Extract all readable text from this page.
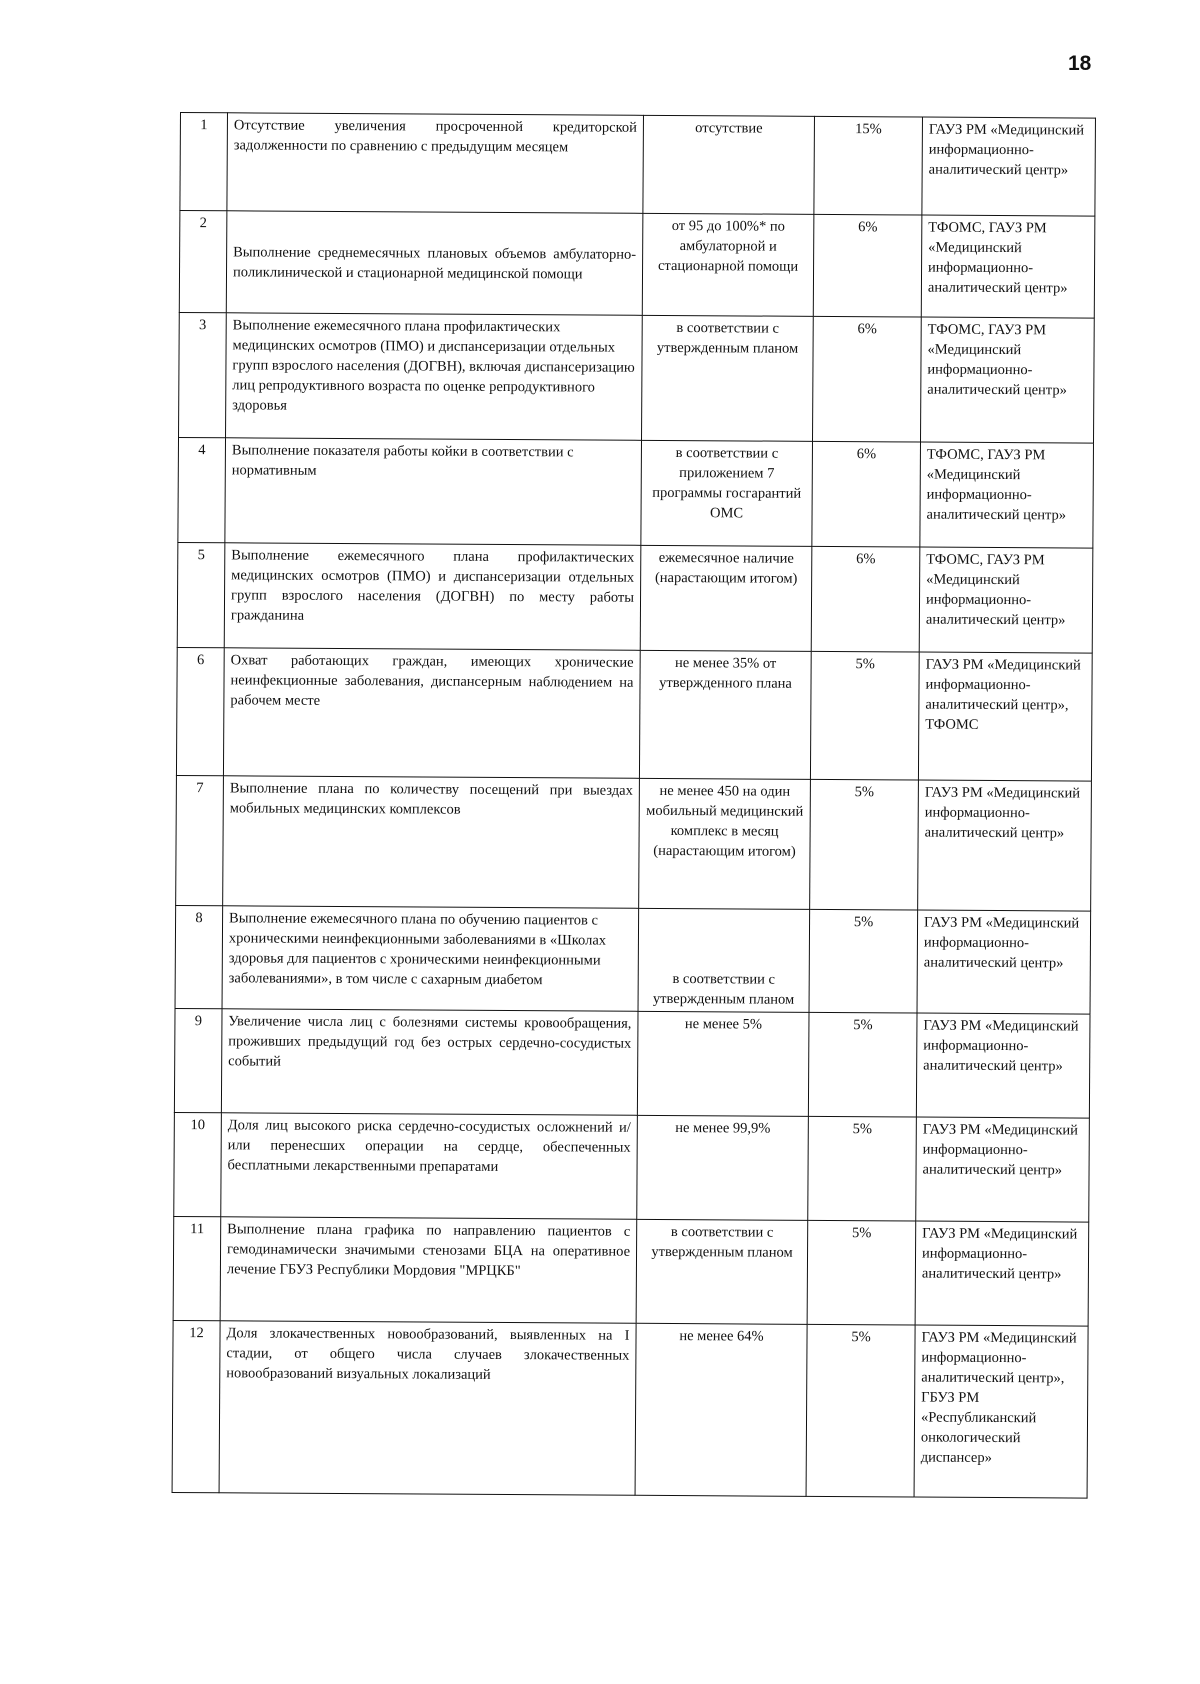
18
1	Отсутствие увеличения просроченной кредиторской задолженности по сравнению с предыдущим месяцем	отсутствие	15%	ГАУЗ РМ «Медицинский информационно-аналитический центр»
2	Выполнение среднемесячных плановых объемов амбулаторно-поликлинической и стационарной медицинской помощи	от 95 до 100%* по амбулаторной и стационарной помощи	6%	ТФОМС, ГАУЗ РМ «Медицинский информационно-аналитический центр»
3	Выполнение ежемесячного плана профилактических медицинских осмотров (ПМО) и диспансеризации отдельных групп взрослого населения (ДОГВН), включая диспансеризацию лиц репродуктивного возраста по оценке репродуктивного здоровья	в соответствии с утвержденным планом	6%	ТФОМС, ГАУЗ РМ «Медицинский информационно-аналитический центр»
4	Выполнение показателя работы койки в соответствии с нормативным	в соответствии с приложением 7 программы госгарантий ОМС	6%	ТФОМС, ГАУЗ РМ «Медицинский информационно-аналитический центр»
5	Выполнение ежемесячного плана профилактических медицинских осмотров (ПМО) и диспансеризации отдельных групп взрослого населения (ДОГВН) по месту работы гражданина	ежемесячное наличие (нарастающим итогом)	6%	ТФОМС, ГАУЗ РМ «Медицинский информационно-аналитический центр»
6	Охват работающих граждан, имеющих хронические неинфекционные заболевания, диспансерным наблюдением на рабочем месте	не менее 35% от утвержденного плана	5%	ГАУЗ РМ «Медицинский информационно-аналитический центр», ТФОМС
7	Выполнение плана по количеству посещений при выездах мобильных медицинских комплексов	не менее 450 на один мобильный медицинский комплекс в месяц (нарастающим итогом)	5%	ГАУЗ РМ «Медицинский информационно-аналитический центр»
8	Выполнение ежемесячного плана по обучению пациентов с хроническими неинфекционными заболеваниями в «Школах здоровья для пациентов с хроническими неинфекционными заболеваниями», в том числе с сахарным диабетом	в соответствии с утвержденным планом	5%	ГАУЗ РМ «Медицинский информационно-аналитический центр»
9	Увеличение числа лиц с болезнями системы кровообращения, проживших предыдущий год без острых сердечно-сосудистых событий	не менее 5%	5%	ГАУЗ РМ «Медицинский информационно-аналитический центр»
10	Доля лиц высокого риска сердечно-сосудистых осложнений и/или перенесших операции на сердце, обеспеченных бесплатными лекарственными препаратами	не менее 99,9%	5%	ГАУЗ РМ «Медицинский информационно-аналитический центр»
11	Выполнение плана графика по направлению пациентов с гемодинамически значимыми стенозами БЦА на оперативное лечение ГБУЗ Республики Мордовия "МРЦКБ"	в соответствии с утвержденным планом	5%	ГАУЗ РМ «Медицинский информационно-аналитический центр»
12	Доля злокачественных новообразований, выявленных на I стадии, от общего числа случаев злокачественных новообразований визуальных локализаций	не менее 64%	5%	ГАУЗ РМ «Медицинский информационно-аналитический центр», ГБУЗ РМ «Республиканский онкологический диспансер»
